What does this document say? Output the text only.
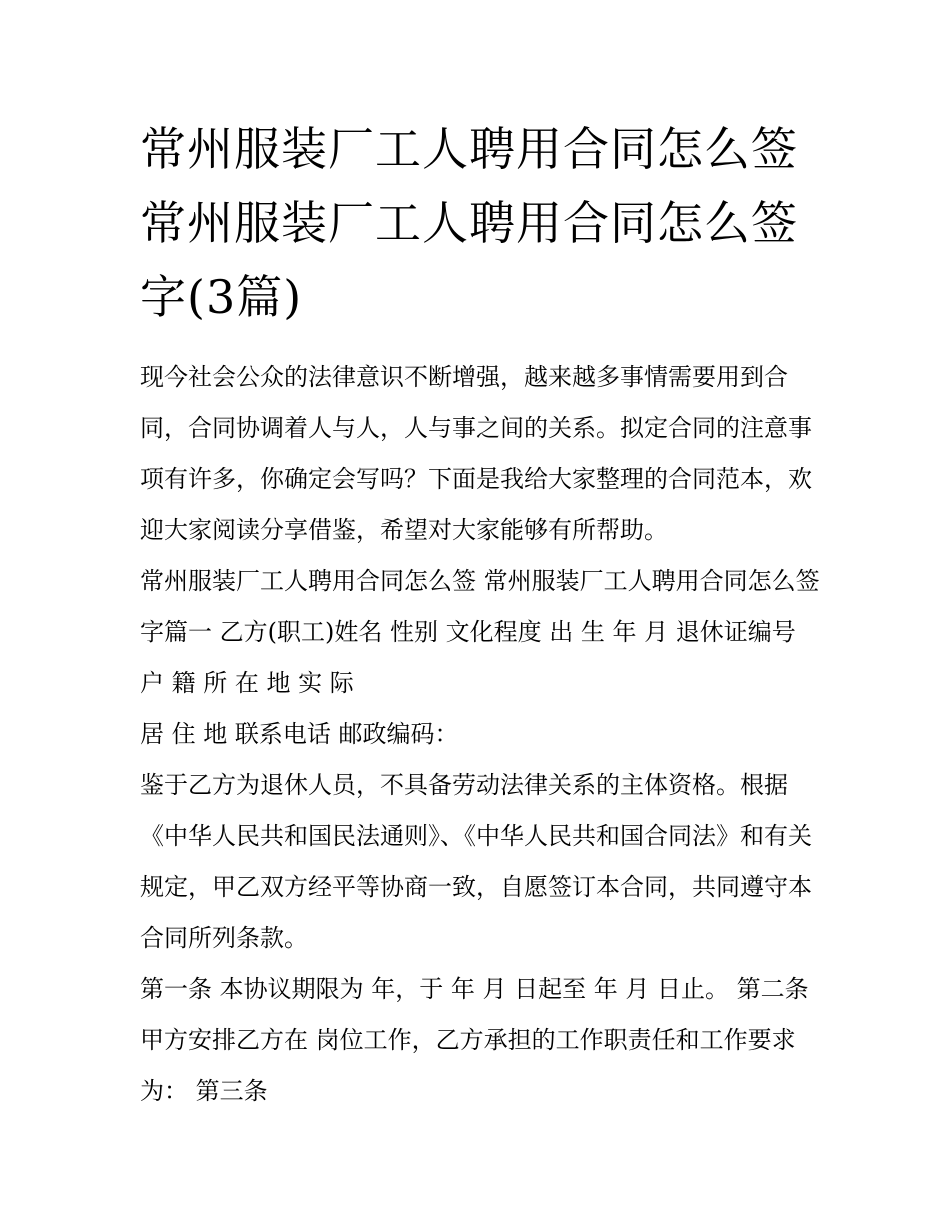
常州服装厂工人聘用合同怎么签 常州服装厂工人聘用合同怎么签字(3篇)

现今社会公众的法律意识不断增强，越来越多事情需要用到合同，合同协调着人与人，人与事之间的关系。拟定合同的注意事项有许多，你确定会写吗？下面是我给大家整理的合同范本，欢迎大家阅读分享借鉴，希望对大家能够有所帮助。

常州服装厂工人聘用合同怎么签 常州服装厂工人聘用合同怎么签字篇一 乙方(职工)姓名 性别 文化程度 出 生 年 月 退休证编号 户 籍 所 在 地 实 际

居 住 地 联系电话 邮政编码：

鉴于乙方为退休人员，不具备劳动法律关系的主体资格。根据《中华人民共和国民法通则》、《中华人民共和国合同法》和有关规定，甲乙双方经平等协商一致，自愿签订本合同，共同遵守本合同所列条款。

第一条 本协议期限为 年，于 年 月 日起至 年 月 日止。 第二条 甲方安排乙方在 岗位工作，乙方承担的工作职责任和工作要求为： 第三条
